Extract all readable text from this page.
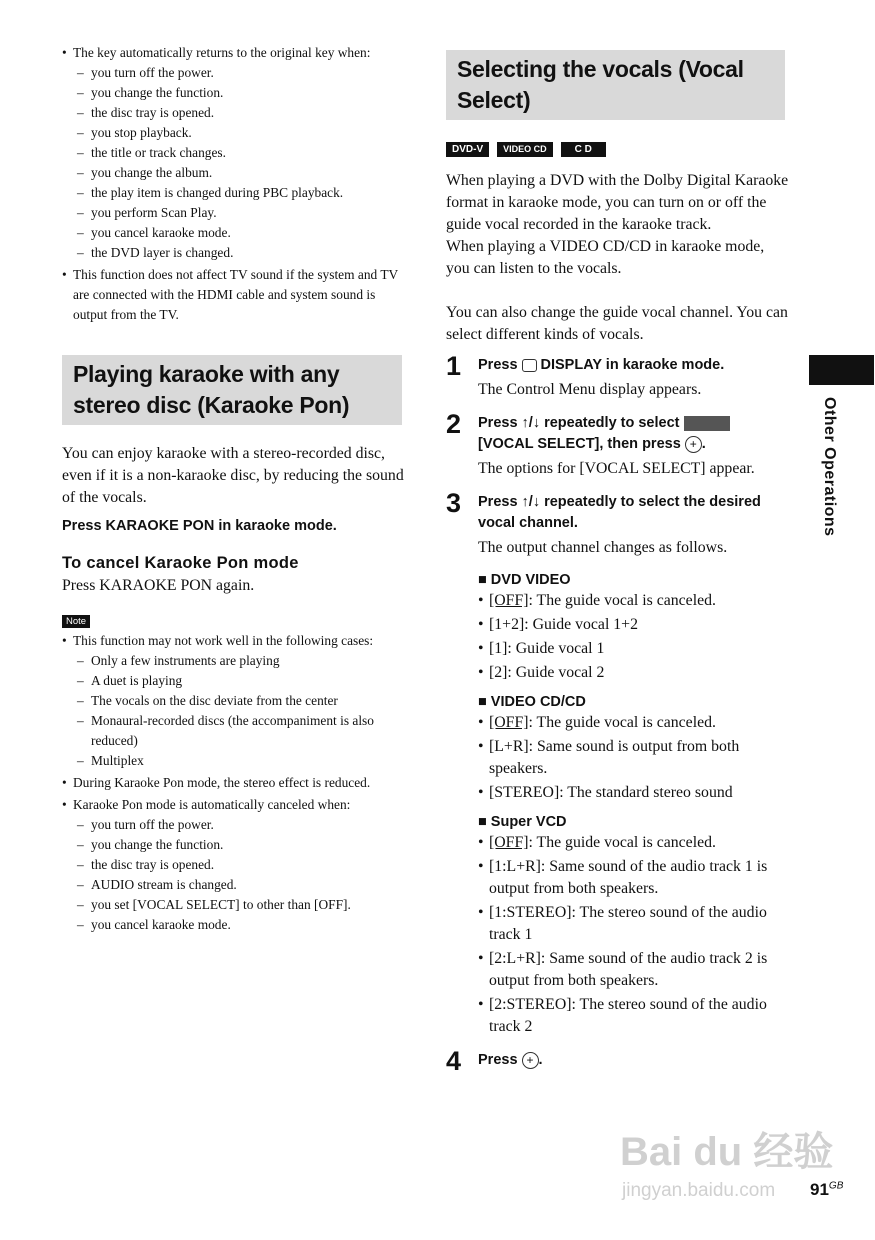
• The key automatically returns to the original key when:
– you turn off the power.
– you change the function.
– the disc tray is opened.
– you stop playback.
– the title or track changes.
– you change the album.
– the play item is changed during PBC playback.
– you perform Scan Play.
– you cancel karaoke mode.
– the DVD layer is changed.
• This function does not affect TV sound if the system and TV are connected with the HDMI cable and system sound is output from the TV.
Playing karaoke with any stereo disc (Karaoke Pon)
You can enjoy karaoke with a stereo-recorded disc, even if it is a non-karaoke disc, by reducing the sound of the vocals.
Press KARAOKE PON in karaoke mode.
To cancel Karaoke Pon mode
Press KARAOKE PON again.
Note
• This function may not work well in the following cases:
– Only a few instruments are playing
– A duet is playing
– The vocals on the disc deviate from the center
– Monaural-recorded discs (the accompaniment is also reduced)
– Multiplex
• During Karaoke Pon mode, the stereo effect is reduced.
• Karaoke Pon mode is automatically canceled when:
– you turn off the power.
– you change the function.
– the disc tray is opened.
– AUDIO stream is changed.
– you set [VOCAL SELECT] to other than [OFF].
– you cancel karaoke mode.
Selecting the vocals (Vocal Select)
DVD-V VIDEO CD	C D
When playing a DVD with the Dolby Digital Karaoke format in karaoke mode, you can turn on or off the guide vocal recorded in the karaoke track.
When playing a VIDEO CD/CD in karaoke mode, you can listen to the vocals.
You can also change the guide vocal channel. You can select different kinds of vocals.
1 Press DISPLAY in karaoke mode.
The Control Menu display appears.
2 Press ↑/↓ repeatedly to select
[VOCAL SELECT], then press + .
The options for [VOCAL SELECT] appear.
3 Press ↑/↓ repeatedly to select the desired vocal channel.
The output channel changes as follows.
■ DVD VIDEO
• [OFF]: The guide vocal is canceled.
• [1+2]: Guide vocal 1+2
• [1]: Guide vocal 1
• [2]: Guide vocal 2
■ VIDEO CD/CD
• [OFF]: The guide vocal is canceled.
• [L+R]: Same sound is output from both speakers.
• [STEREO]: The standard stereo sound
■ Super VCD
• [OFF]: The guide vocal is canceled.
• [1:L+R]: Same sound of the audio track 1 is output from both speakers.
• [1:STEREO]: The stereo sound of the audio track 1
• [2:L+R]: Same sound of the audio track 2 is output from both speakers.
• [2:STEREO]: The stereo sound of the audio track 2
4 Press + .
Other Operations
Bai du 经验
jingyan.baidu.com $91^{GB}$
